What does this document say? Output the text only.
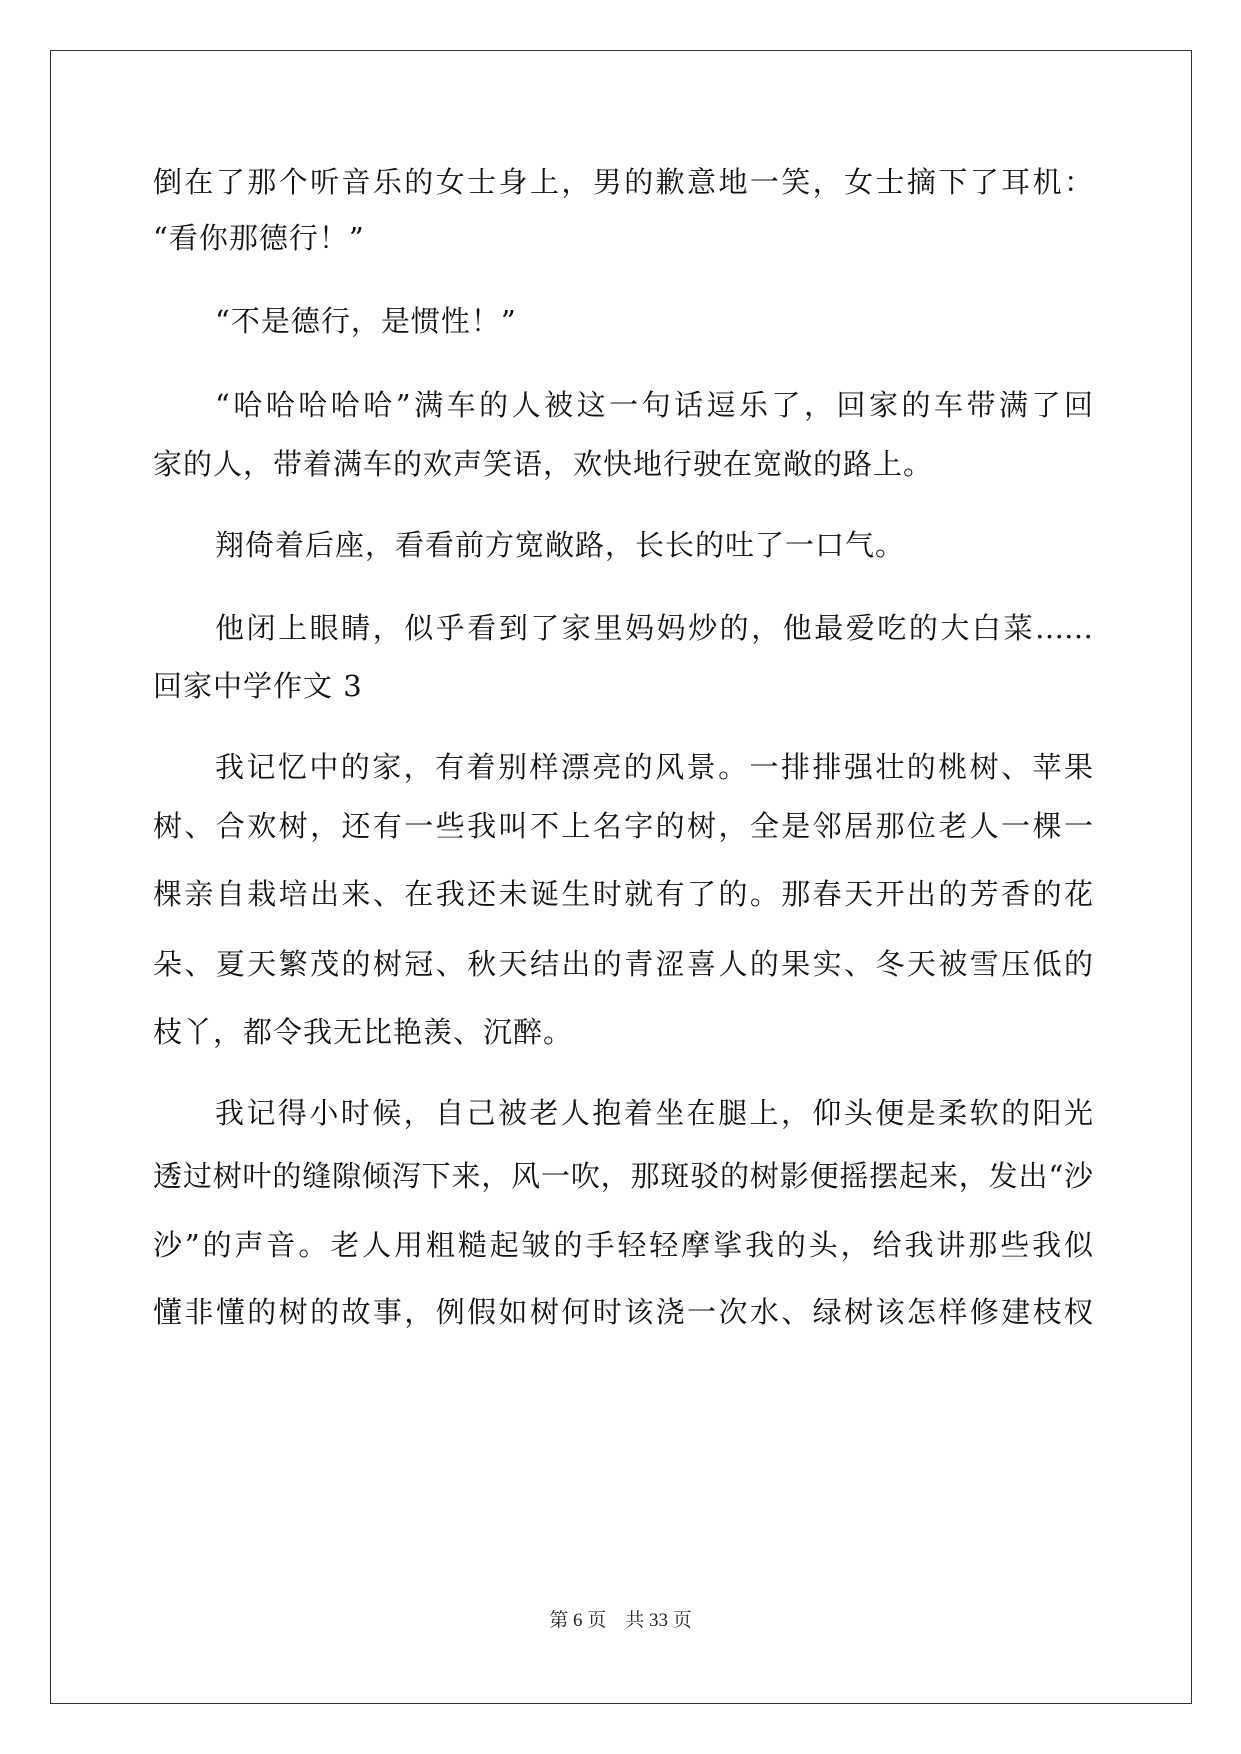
倒在了那个听音乐的女士身上，男的歉意地一笑，女士摘下了耳机：
“看你那德行！”
“不是德行，是惯性！”
“哈哈哈哈哈”满车的人被这一句话逗乐了，回家的车带满了回
家的人，带着满车的欢声笑语，欢快地行驶在宽敞的路上。
翔倚着后座，看看前方宽敞路，长长的吐了一口气。
他闭上眼睛，似乎看到了家里妈妈炒的，他最爱吃的大白菜……
回家中学作文 3
我记忆中的家，有着别样漂亮的风景。一排排强壮的桃树、苹果
树、合欢树，还有一些我叫不上名字的树，全是邻居那位老人一棵一
棵亲自栽培出来、在我还未诞生时就有了的。那春天开出的芳香的花
朵、夏天繁茂的树冠、秋天结出的青涩喜人的果实、冬天被雪压低的
枝丫，都令我无比艳羡、沉醉。
我记得小时候，自己被老人抱着坐在腿上，仰头便是柔软的阳光
透过树叶的缝隙倾泻下来，风一吹，那斑驳的树影便摇摆起来，发出“沙
沙”的声音。老人用粗糙起皱的手轻轻摩挲我的头，给我讲那些我似
懂非懂的树的故事，例假如树何时该浇一次水、绿树该怎样修建枝杈
第 6 页 共 33 页
